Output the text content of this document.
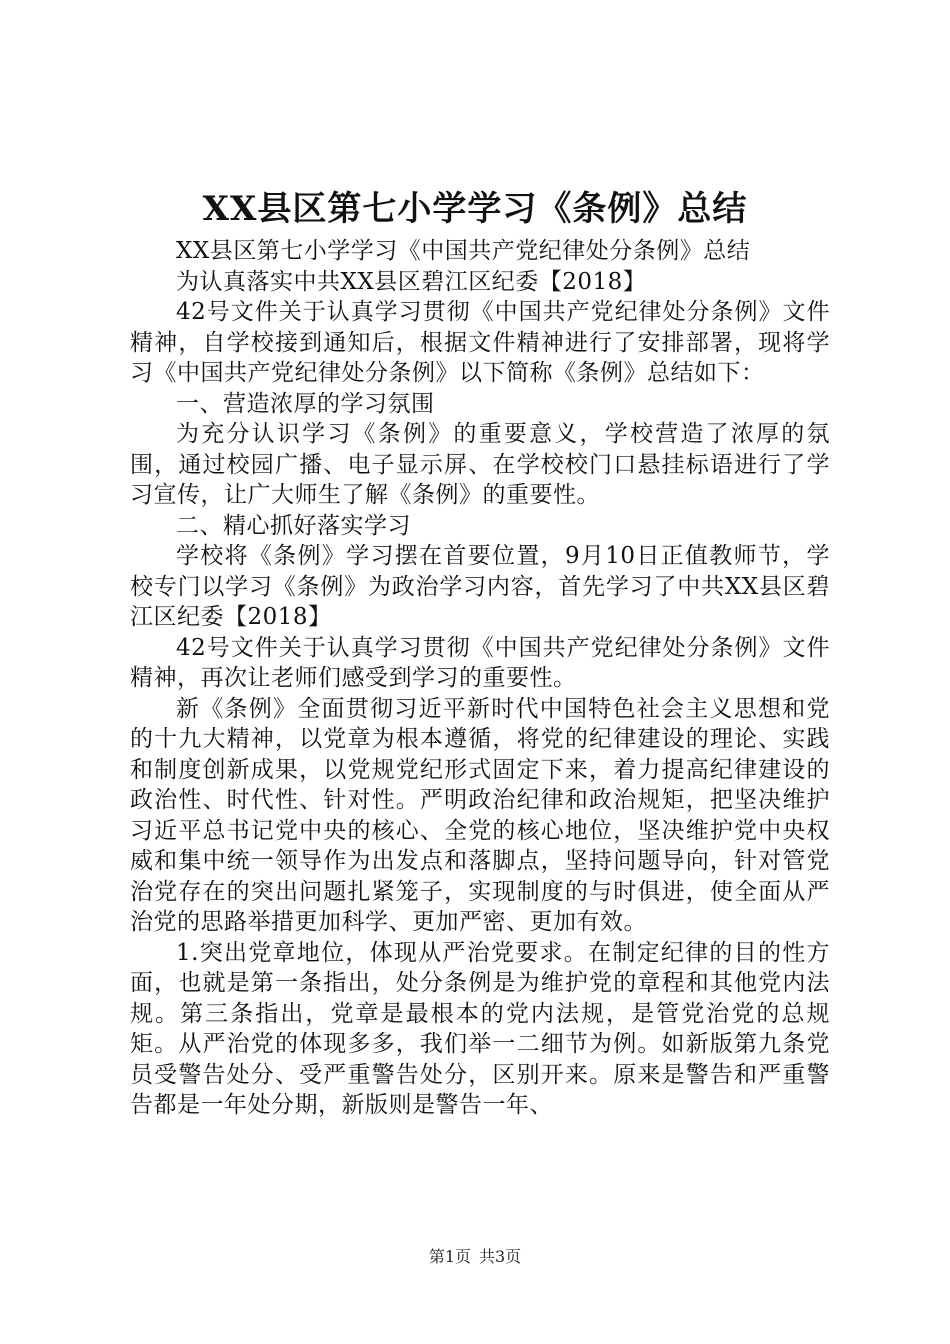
XX县区第七小学学习《条例》总结

XX县区第七小学学习《中国共产党纪律处分条例》总结

为认真落实中共XX县区碧江区纪委【2018】

42号文件关于认真学习贯彻《中国共产党纪律处分条例》文件精神，自学校接到通知后，根据文件精神进行了安排部署，现将学习《中国共产党纪律处分条例》以下简称《条例》总结如下：

一、营造浓厚的学习氛围

为充分认识学习《条例》的重要意义，学校营造了浓厚的氛围，通过校园广播、电子显示屏、在学校校门口悬挂标语进行了学习宣传，让广大师生了解《条例》的重要性。

二、精心抓好落实学习

学校将《条例》学习摆在首要位置，9月10日正值教师节，学校专门以学习《条例》为政治学习内容，首先学习了中共XX县区碧江区纪委【2018】

42号文件关于认真学习贯彻《中国共产党纪律处分条例》文件精神，再次让老师们感受到学习的重要性。

新《条例》全面贯彻习近平新时代中国特色社会主义思想和党的十九大精神，以党章为根本遵循，将党的纪律建设的理论、实践和制度创新成果，以党规党纪形式固定下来，着力提高纪律建设的政治性、时代性、针对性。严明政治纪律和政治规矩，把坚决维护习近平总书记党中央的核心、全党的核心地位，坚决维护党中央权威和集中统一领导作为出发点和落脚点，坚持问题导向，针对管党治党存在的突出问题扎紧笼子，实现制度的与时俱进，使全面从严治党的思路举措更加科学、更加严密、更加有效。

1.突出党章地位，体现从严治党要求。在制定纪律的目的性方面，也就是第一条指出，处分条例是为维护党的章程和其他党内法规。第三条指出，党章是最根本的党内法规，是管党治党的总规矩。从严治党的体现多多，我们举一二细节为例。如新版第九条党员受警告处分、受严重警告处分，区别开来。原来是警告和严重警告都是一年处分期，新版则是警告一年、

第1页 共3页
